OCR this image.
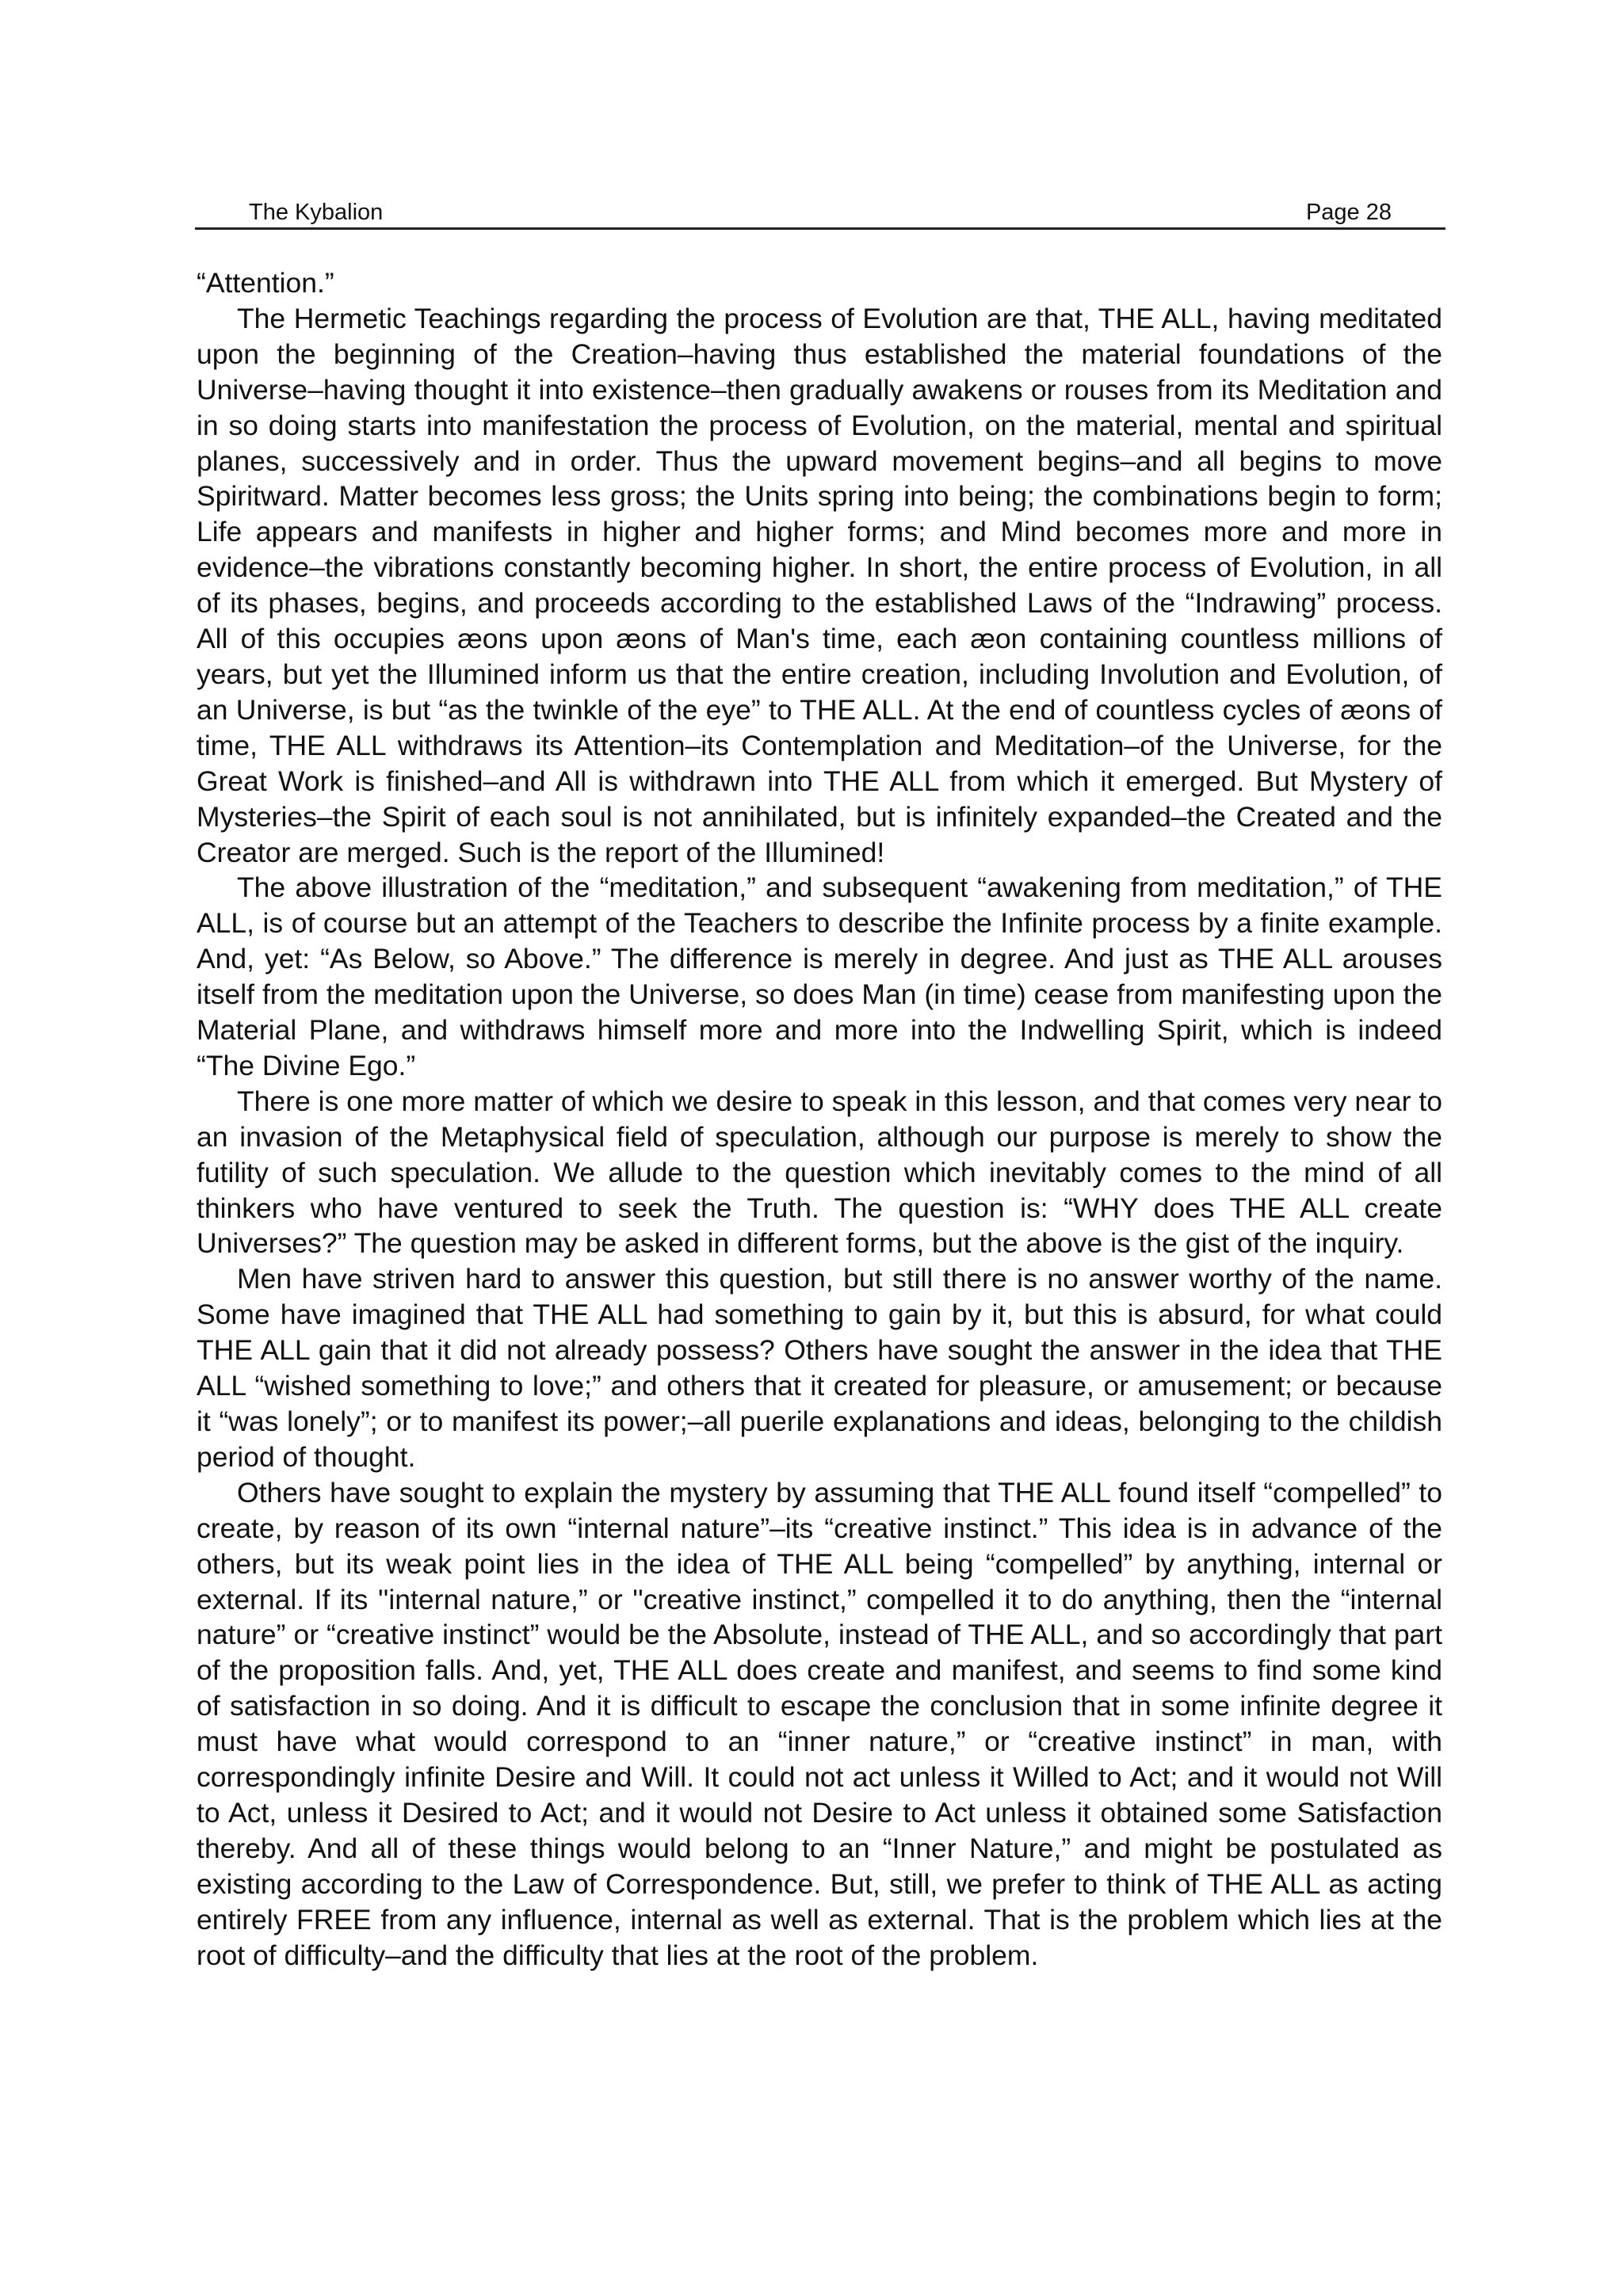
The Kybalion	Page 28

“Attention.”

The Hermetic Teachings regarding the process of Evolution are that, THE ALL, having meditated upon the beginning of the Creation–having thus established the material foundations of the Universe–having thought it into existence–then gradually awakens or rouses from its Meditation and in so doing starts into manifestation the process of Evolution, on the material, mental and spiritual planes, successively and in order. Thus the upward movement begins–and all begins to move Spiritward. Matter becomes less gross; the Units spring into being; the combinations begin to form; Life appears and manifests in higher and higher forms; and Mind becomes more and more in evidence–the vibrations constantly becoming higher. In short, the entire process of Evolution, in all of its phases, begins, and proceeds according to the established Laws of the “Indrawing” process. All of this occupies æons upon æons of Man's time, each æon containing countless millions of years, but yet the Illumined inform us that the entire creation, including Involution and Evolution, of an Universe, is but “as the twinkle of the eye” to THE ALL. At the end of countless cycles of æons of time, THE ALL withdraws its Attention–its Contemplation and Meditation–of the Universe, for the Great Work is finished–and All is withdrawn into THE ALL from which it emerged. But Mystery of Mysteries–the Spirit of each soul is not annihilated, but is infinitely expanded–the Created and the Creator are merged. Such is the report of the Illumined!

The above illustration of the “meditation,” and subsequent “awakening from meditation,” of THE ALL, is of course but an attempt of the Teachers to describe the Infinite process by a finite example. And, yet: “As Below, so Above.” The difference is merely in degree. And just as THE ALL arouses itself from the meditation upon the Universe, so does Man (in time) cease from manifesting upon the Material Plane, and withdraws himself more and more into the Indwelling Spirit, which is indeed “The Divine Ego.”

There is one more matter of which we desire to speak in this lesson, and that comes very near to an invasion of the Metaphysical field of speculation, although our purpose is merely to show the futility of such speculation. We allude to the question which inevitably comes to the mind of all thinkers who have ventured to seek the Truth. The question is: “WHY does THE ALL create Universes?” The question may be asked in different forms, but the above is the gist of the inquiry.

Men have striven hard to answer this question, but still there is no answer worthy of the name. Some have imagined that THE ALL had something to gain by it, but this is absurd, for what could THE ALL gain that it did not already possess? Others have sought the answer in the idea that THE ALL “wished something to love;” and others that it created for pleasure, or amusement; or because it “was lonely”; or to manifest its power;–all puerile explanations and ideas, belonging to the childish period of thought.

Others have sought to explain the mystery by assuming that THE ALL found itself “compelled” to create, by reason of its own “internal nature”–its “creative instinct.” This idea is in advance of the others, but its weak point lies in the idea of THE ALL being “compelled” by anything, internal or external. If its ''internal nature,” or ''creative instinct,” compelled it to do anything, then the “internal nature” or “creative instinct” would be the Absolute, instead of THE ALL, and so accordingly that part of the proposition falls. And, yet, THE ALL does create and manifest, and seems to find some kind of satisfaction in so doing. And it is difficult to escape the conclusion that in some infinite degree it must have what would correspond to an “inner nature,” or “creative instinct” in man, with correspondingly infinite Desire and Will. It could not act unless it Willed to Act; and it would not Will to Act, unless it Desired to Act; and it would not Desire to Act unless it obtained some Satisfaction thereby. And all of these things would belong to an “Inner Nature,” and might be postulated as existing according to the Law of Correspondence. But, still, we prefer to think of THE ALL as acting entirely FREE from any influence, internal as well as external. That is the problem which lies at the root of difficulty–and the difficulty that lies at the root of the problem.
